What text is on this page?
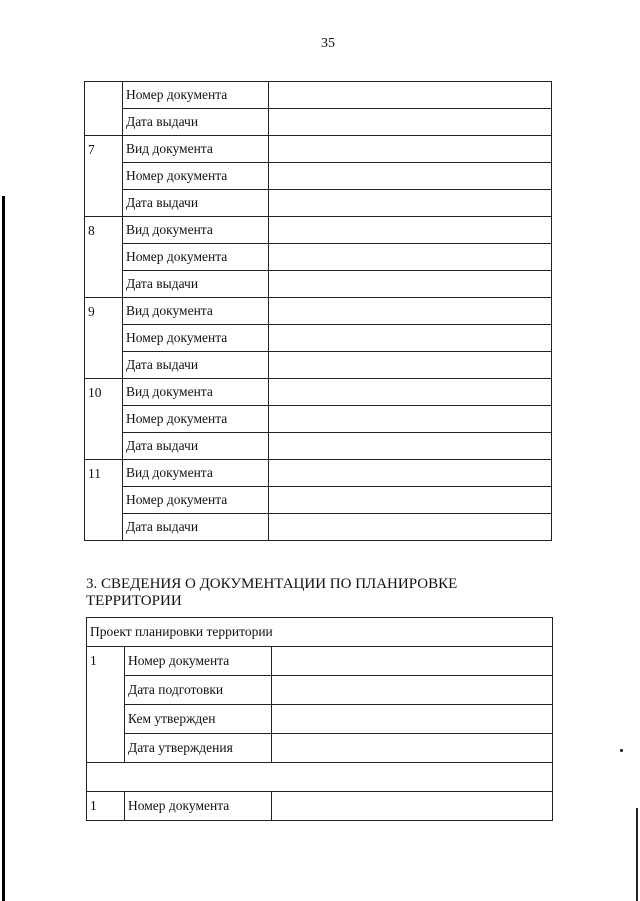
35
	Номер документа	
	Дата выдачи	
7	Вид документа	
	Номер документа	
	Дата выдачи	
8	Вид документа	
	Номер документа	
	Дата выдачи	
9	Вид документа	
	Номер документа	
	Дата выдачи	
10	Вид документа	
	Номер документа	
	Дата выдачи	
11	Вид документа	
	Номер документа	
	Дата выдачи	
3. СВЕДЕНИЯ О ДОКУМЕНТАЦИИ ПО ПЛАНИРОВКЕ ТЕРРИТОРИИ
Проект планировки территории		
1	Номер документа	
	Дата подготовки	
	Кем утвержден	
	Дата утверждения	

1	Номер документа	
